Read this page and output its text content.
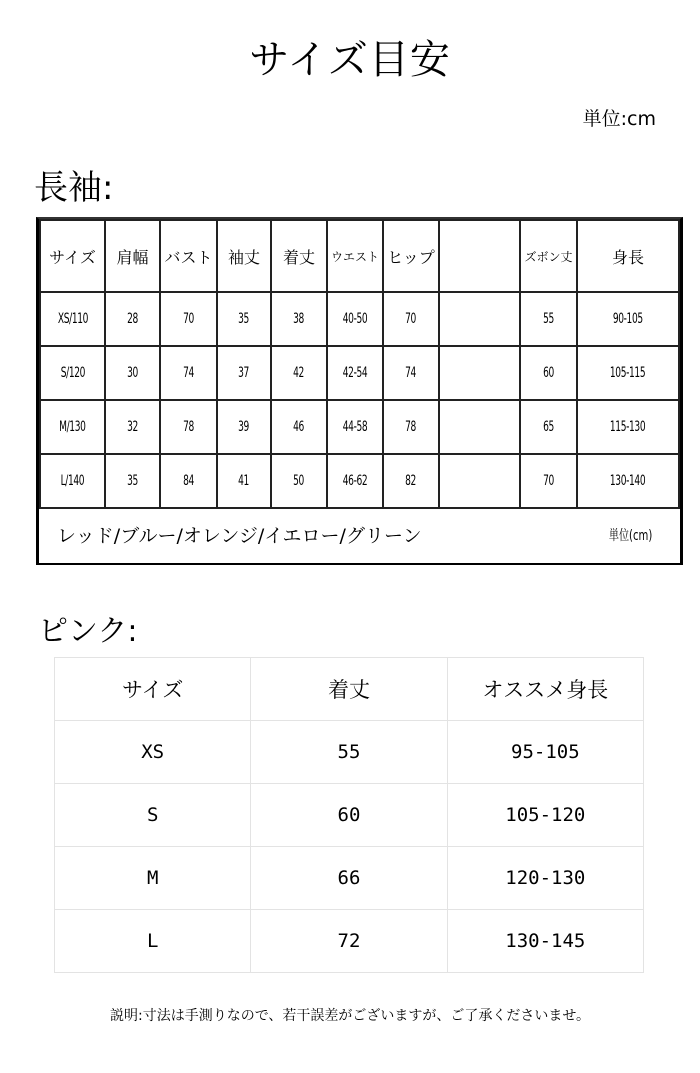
サイズ目安
単位:cm
長袖:
サイズ	肩幅	バスト	袖丈	着丈	ウエスト	ヒップ		ズボン丈	身長
XS/110	28	70	35	38	40-50	70		55	90-105
S/120	30	74	37	42	42-54	74		60	105-115
M/130	32	78	39	46	44-58	78		65	115-130
L/140	35	84	41	50	46-62	82		70	130-140
レッド/ブルー/オレンジ/イエロー/グリーン	単位(cm)
ピンク:
サイズ	着丈	オススメ身長
XS	55	95-105
S	60	105-120
M	66	120-130
L	72	130-145
説明:寸法は手測りなので、若干誤差がございますが、ご了承くださいませ。
